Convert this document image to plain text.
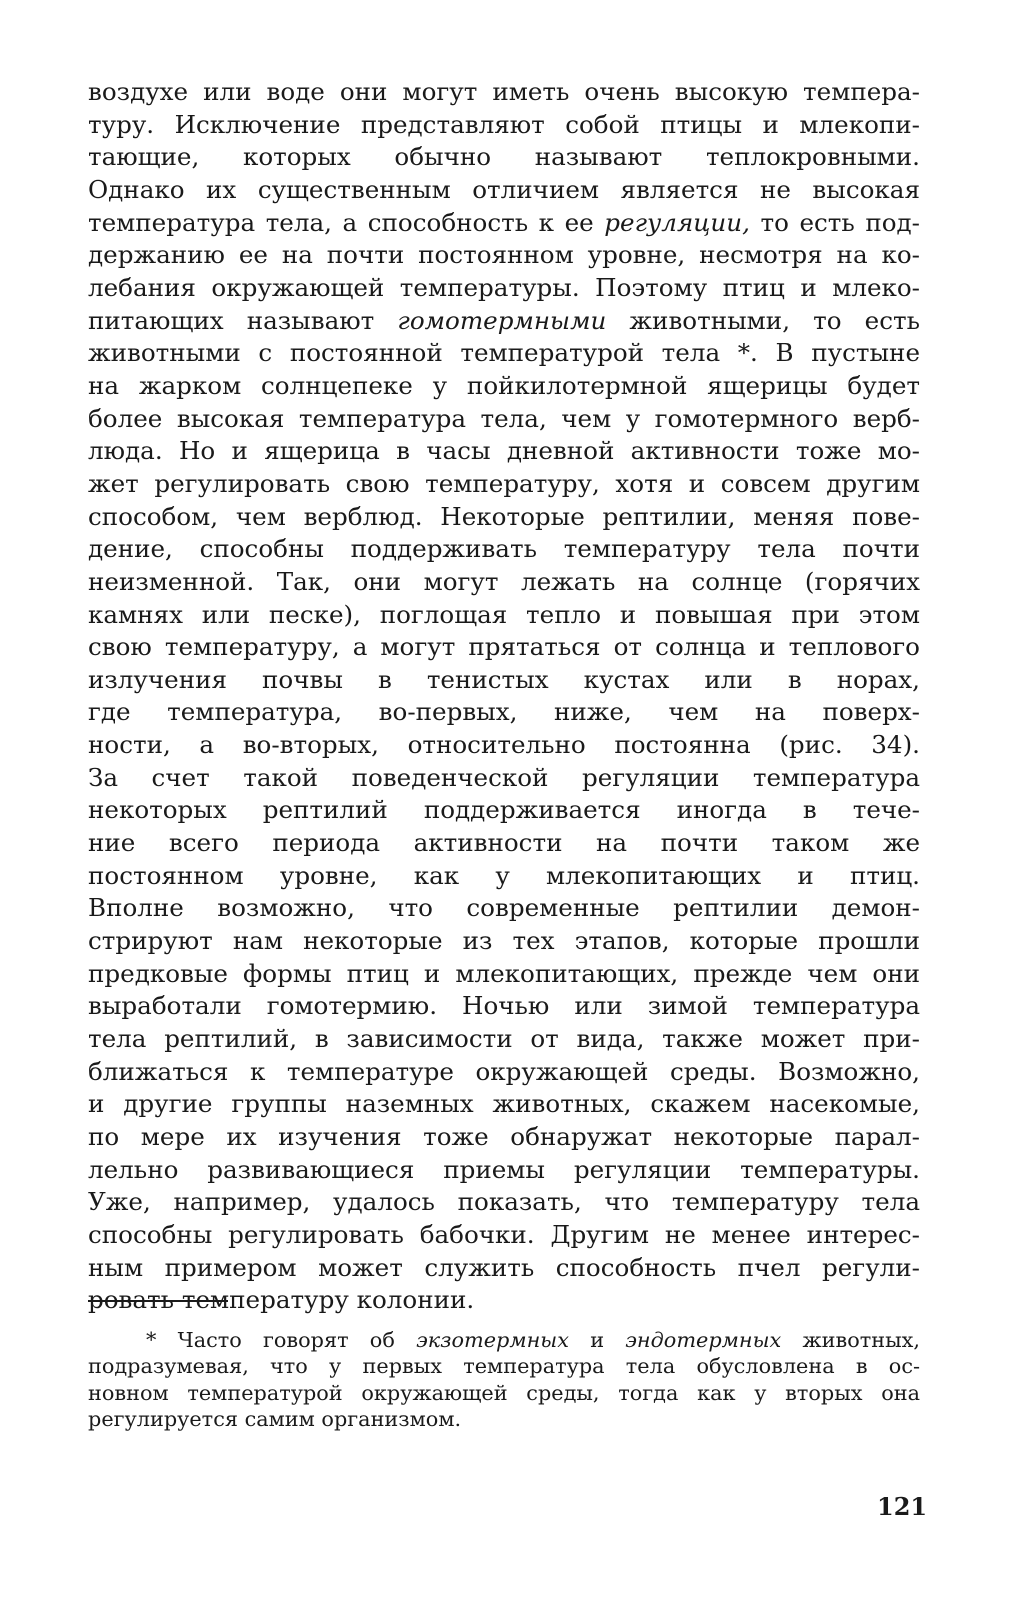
воздухе или воде они могут иметь очень высокую темпера-
туру. Исключение представляют собой птицы и млекопи-
тающие, которых обычно называют теплокровными.
Однако их существенным отличием является не высокая
температура тела, а способность к ее регуляции, то есть под-
держанию ее на почти постоянном уровне, несмотря на ко-
лебания окружающей температуры. Поэтому птиц и млеко-
питающих называют гомотермными животными, то есть
животными с постоянной температурой тела *. В пустыне
на жарком солнцепеке у пойкилотермной ящерицы будет
более высокая температура тела, чем у гомотермного верб-
люда. Но и ящерица в часы дневной активности тоже мо-
жет регулировать свою температуру, хотя и совсем другим
способом, чем верблюд. Некоторые рептилии, меняя пове-
дение, способны поддерживать температуру тела почти
неизменной. Так, они могут лежать на солнце (горячих
камнях или песке), поглощая тепло и повышая при этом
свою температуру, а могут прятаться от солнца и теплового
излучения почвы в тенистых кустах или в норах,
где температура, во-первых, ниже, чем на поверх-
ности, а во-вторых, относительно постоянна (рис. 34).
За счет такой поведенческой регуляции температура
некоторых рептилий поддерживается иногда в тече-
ние всего периода активности на почти таком же
постоянном уровне, как у млекопитающих и птиц.
Вполне возможно, что современные рептилии демон-
стрируют нам некоторые из тех этапов, которые прошли
предковые формы птиц и млекопитающих, прежде чем они
выработали гомотермию. Ночью или зимой температура
тела рептилий, в зависимости от вида, также может при-
ближаться к температуре окружающей среды. Возможно,
и другие группы наземных животных, скажем насекомые,
по мере их изучения тоже обнаружат некоторые парал-
лельно развивающиеся приемы регуляции температуры.
Уже, например, удалось показать, что температуру тела
способны регулировать бабочки. Другим не менее интерес-
ным примером может служить способность пчел регули-
ровать температуру колонии.
* Часто говорят об экзотермных и эндотермных животных,
подразумевая, что у первых температура тела обусловлена в ос-
новном температурой окружающей среды, тогда как у вторых она
регулируется самим организмом.
121
